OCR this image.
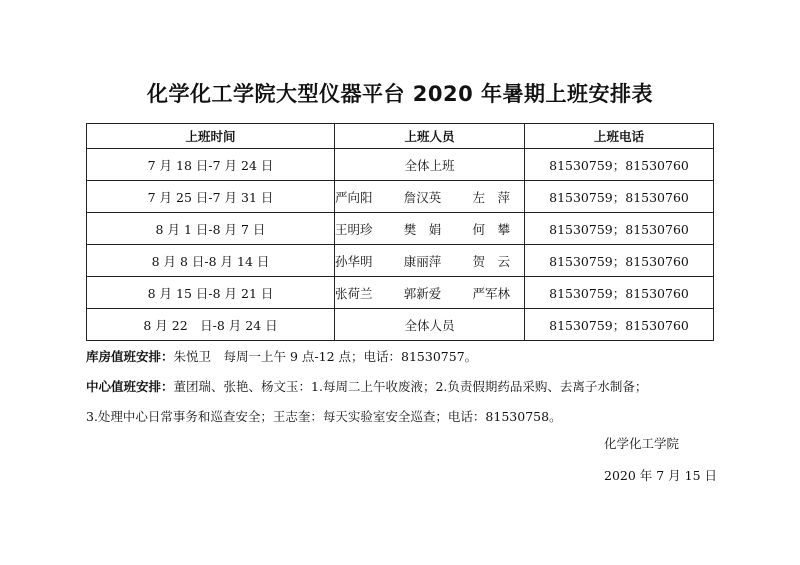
化学化工学院大型仪器平台 2020 年暑期上班安排表
上班时间	上班人员	上班电话
7 月 18 日-7 月 24 日	全体上班	81530759；81530760
7 月 25 日-7 月 31 日	严向阳 詹汉英 左　萍	81530759；81530760
8 月 1 日-8 月 7 日	王明珍 樊　娟 何　攀	81530759；81530760
8 月 8 日-8 月 14 日	孙华明 康丽萍 贺　云	81530759；81530760
8 月 15 日-8 月 21 日	张荷兰 郭新爱 严军林	81530759；81530760
8 月 22　日-8 月 24 日	全体人员	81530759；81530760
库房值班安排：朱悦卫　每周一上午 9 点-12 点；电话：81530757。
中心值班安排：董团瑞、张艳、杨文玉：1.每周二上午收废液；2.负责假期药品采购、去离子水制备；
3.处理中心日常事务和巡查安全；王志奎：每天实验室安全巡查；电话：81530758。
化学化工学院
2020 年 7 月 15 日
